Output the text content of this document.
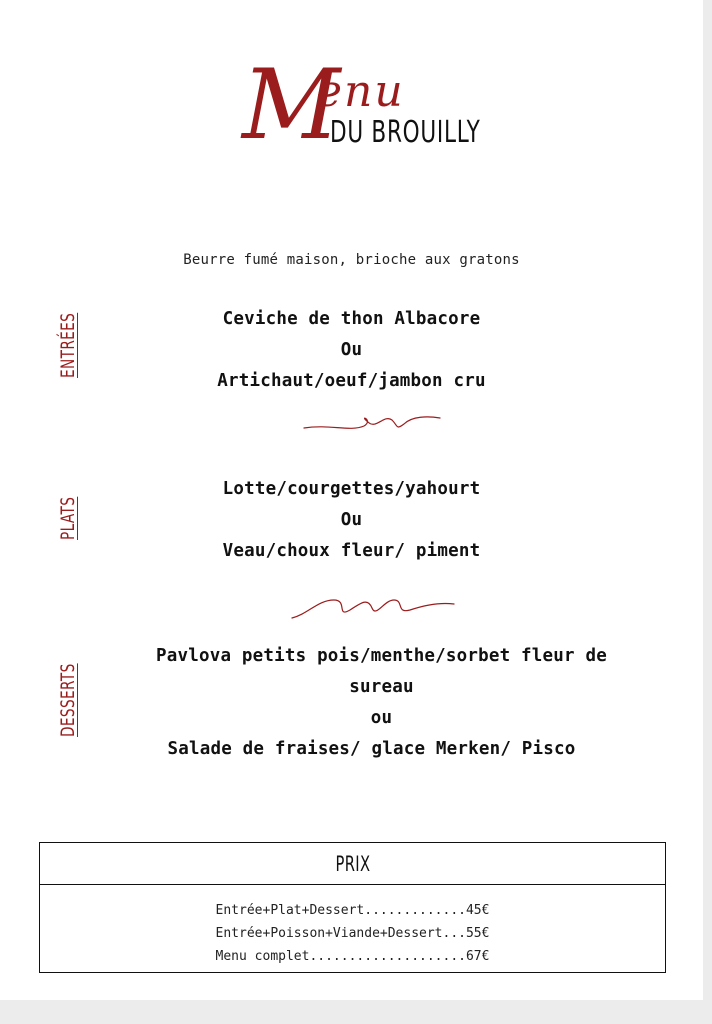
M
enu
DU BROUILLY
Beurre fumé maison, brioche aux gratons
ENTRÉES	Ceviche de thon Albacore
Ou
Artichaut/oeuf/jambon cru
PLATS
Lotte/courgettes/yahourt
Ou
Veau/choux fleur/ piment
DESSERTS
Pavlova petits pois/menthe/sorbet fleur de
sureau
ou
Salade de fraises/ glace Merken/ Pisco
PRIX
Entrée+Plat+Dessert.............45€
Entrée+Poisson+Viande+Dessert...55€
Menu complet....................67€
